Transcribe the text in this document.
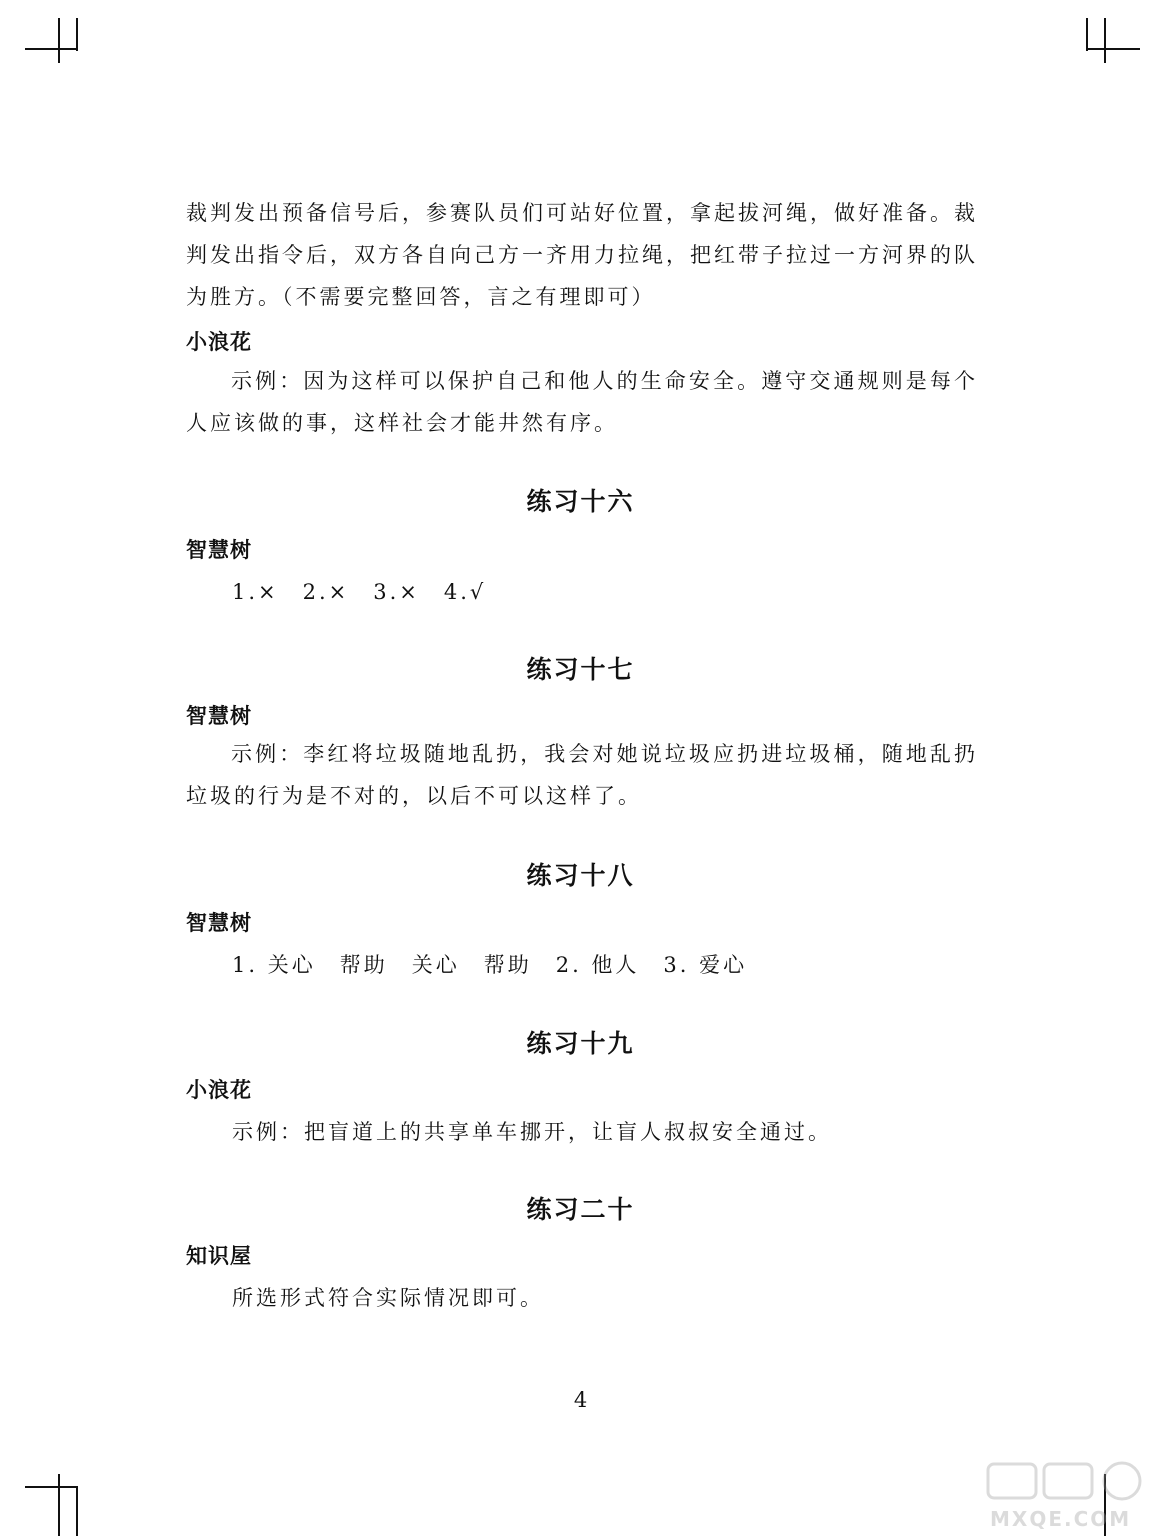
裁判发出预备信号后，参赛队员们可站好位置，拿起拔河绳，做好准备。裁判发出指令后，双方各自向己方一齐用力拉绳，把红带子拉过一方河界的队为胜方。（不需要完整回答，言之有理即可）

小浪花

示例：因为这样可以保护自己和他人的生命安全。遵守交通规则是每个人应该做的事，这样社会才能井然有序。

练习十六

智慧树

1.×　2.×　3.×　4.√

练习十七

智慧树

示例：李红将垃圾随地乱扔，我会对她说垃圾应扔进垃圾桶，随地乱扔垃圾的行为是不对的，以后不可以这样了。

练习十八

智慧树

1. 关心　帮助　关心　帮助　2. 他人　3. 爱心

练习十九

小浪花

示例：把盲道上的共享单车挪开，让盲人叔叔安全通过。

练习二十

知识屋

所选形式符合实际情况即可。

4

MXQE.COM
